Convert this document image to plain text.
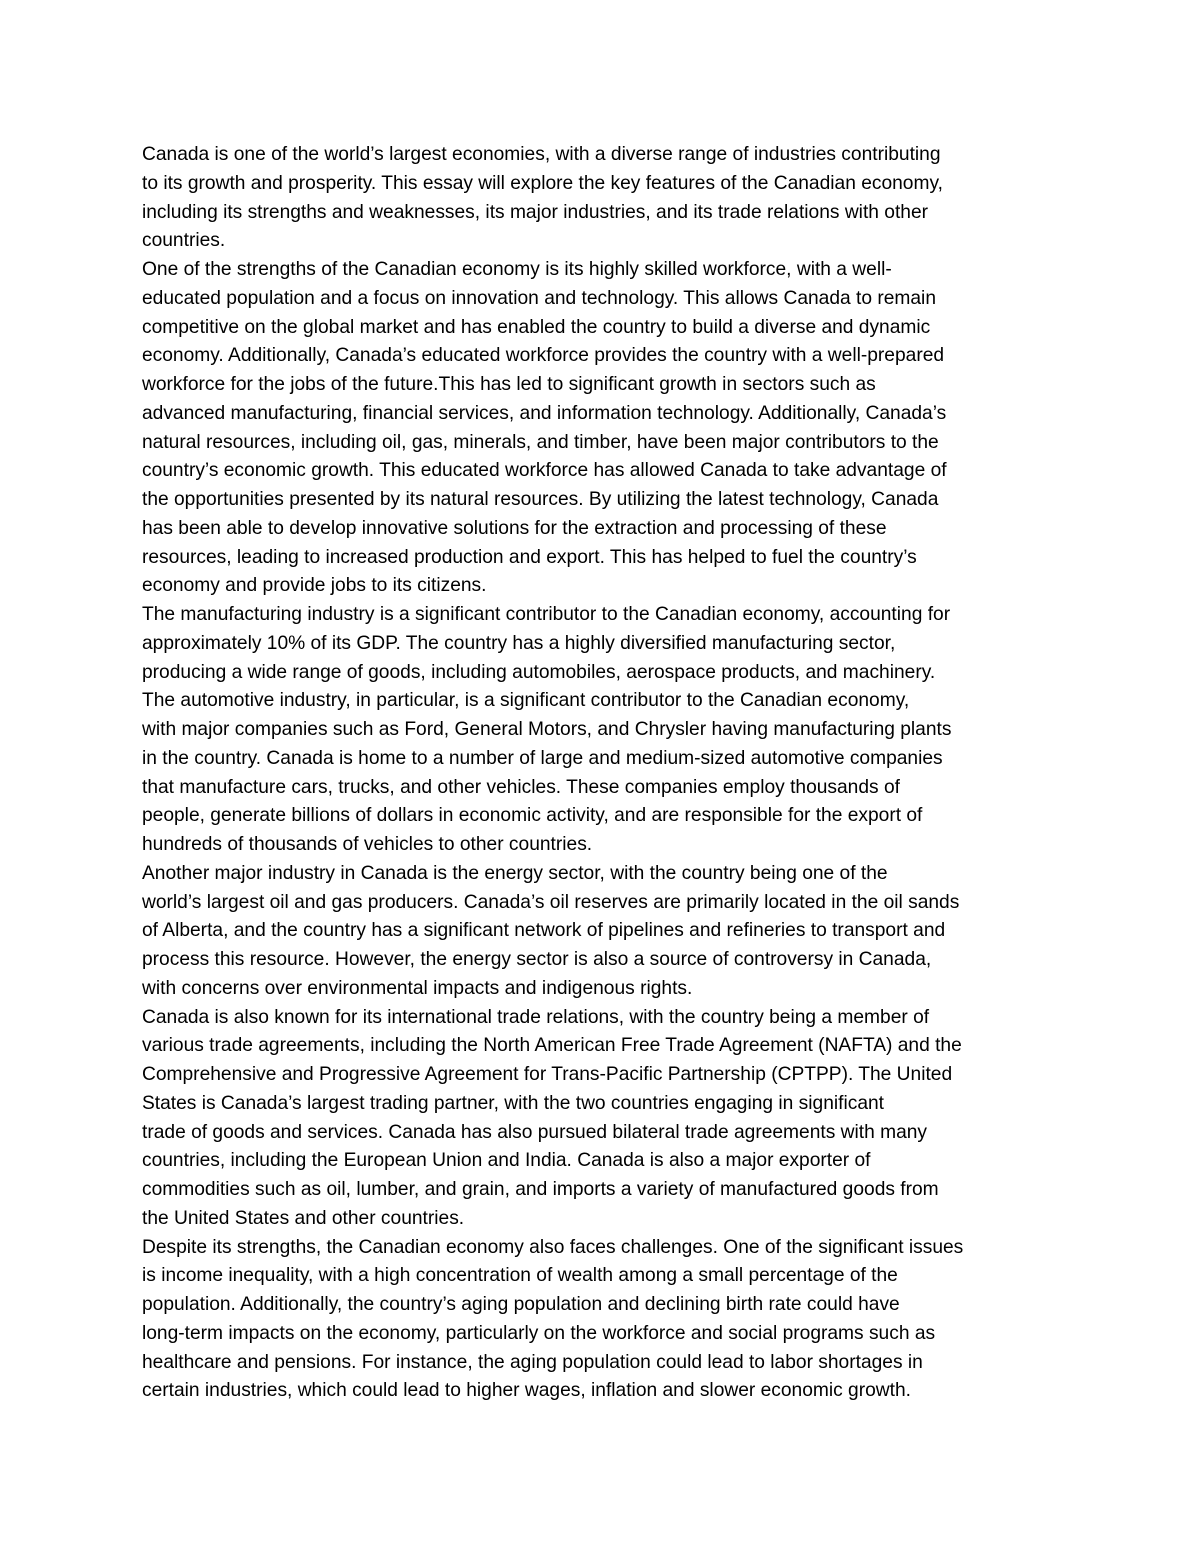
Canada is one of the world’s largest economies, with a diverse range of industries contributing
to its growth and prosperity. This essay will explore the key features of the Canadian economy,
including its strengths and weaknesses, its major industries, and its trade relations with other
countries.
One of the strengths of the Canadian economy is its highly skilled workforce, with a well-
educated population and a focus on innovation and technology. This allows Canada to remain
competitive on the global market and has enabled the country to build a diverse and dynamic
economy. Additionally, Canada’s educated workforce provides the country with a well-prepared
workforce for the jobs of the future.This has led to significant growth in sectors such as
advanced manufacturing, financial services, and information technology. Additionally, Canada’s
natural resources, including oil, gas, minerals, and timber, have been major contributors to the
country’s economic growth. This educated workforce has allowed Canada to take advantage of
the opportunities presented by its natural resources. By utilizing the latest technology, Canada
has been able to develop innovative solutions for the extraction and processing of these
resources, leading to increased production and export. This has helped to fuel the country’s
economy and provide jobs to its citizens.
The manufacturing industry is a significant contributor to the Canadian economy, accounting for
approximately 10% of its GDP. The country has a highly diversified manufacturing sector,
producing a wide range of goods, including automobiles, aerospace products, and machinery.
The automotive industry, in particular, is a significant contributor to the Canadian economy,
with major companies such as Ford, General Motors, and Chrysler having manufacturing plants
in the country. Canada is home to a number of large and medium-sized automotive companies
that manufacture cars, trucks, and other vehicles. These companies employ thousands of
people, generate billions of dollars in economic activity, and are responsible for the export of
hundreds of thousands of vehicles to other countries.
Another major industry in Canada is the energy sector, with the country being one of the
world’s largest oil and gas producers. Canada’s oil reserves are primarily located in the oil sands
of Alberta, and the country has a significant network of pipelines and refineries to transport and
process this resource. However, the energy sector is also a source of controversy in Canada,
with concerns over environmental impacts and indigenous rights.
Canada is also known for its international trade relations, with the country being a member of
various trade agreements, including the North American Free Trade Agreement (NAFTA) and the
Comprehensive and Progressive Agreement for Trans-Pacific Partnership (CPTPP). The United
States is Canada’s largest trading partner, with the two countries engaging in significant
trade of goods and services. Canada has also pursued bilateral trade agreements with many
countries, including the European Union and India. Canada is also a major exporter of
commodities such as oil, lumber, and grain, and imports a variety of manufactured goods from
the United States and other countries.
Despite its strengths, the Canadian economy also faces challenges. One of the significant issues
is income inequality, with a high concentration of wealth among a small percentage of the
population. Additionally, the country’s aging population and declining birth rate could have
long-term impacts on the economy, particularly on the workforce and social programs such as
healthcare and pensions. For instance, the aging population could lead to labor shortages in
certain industries, which could lead to higher wages, inflation and slower economic growth.
